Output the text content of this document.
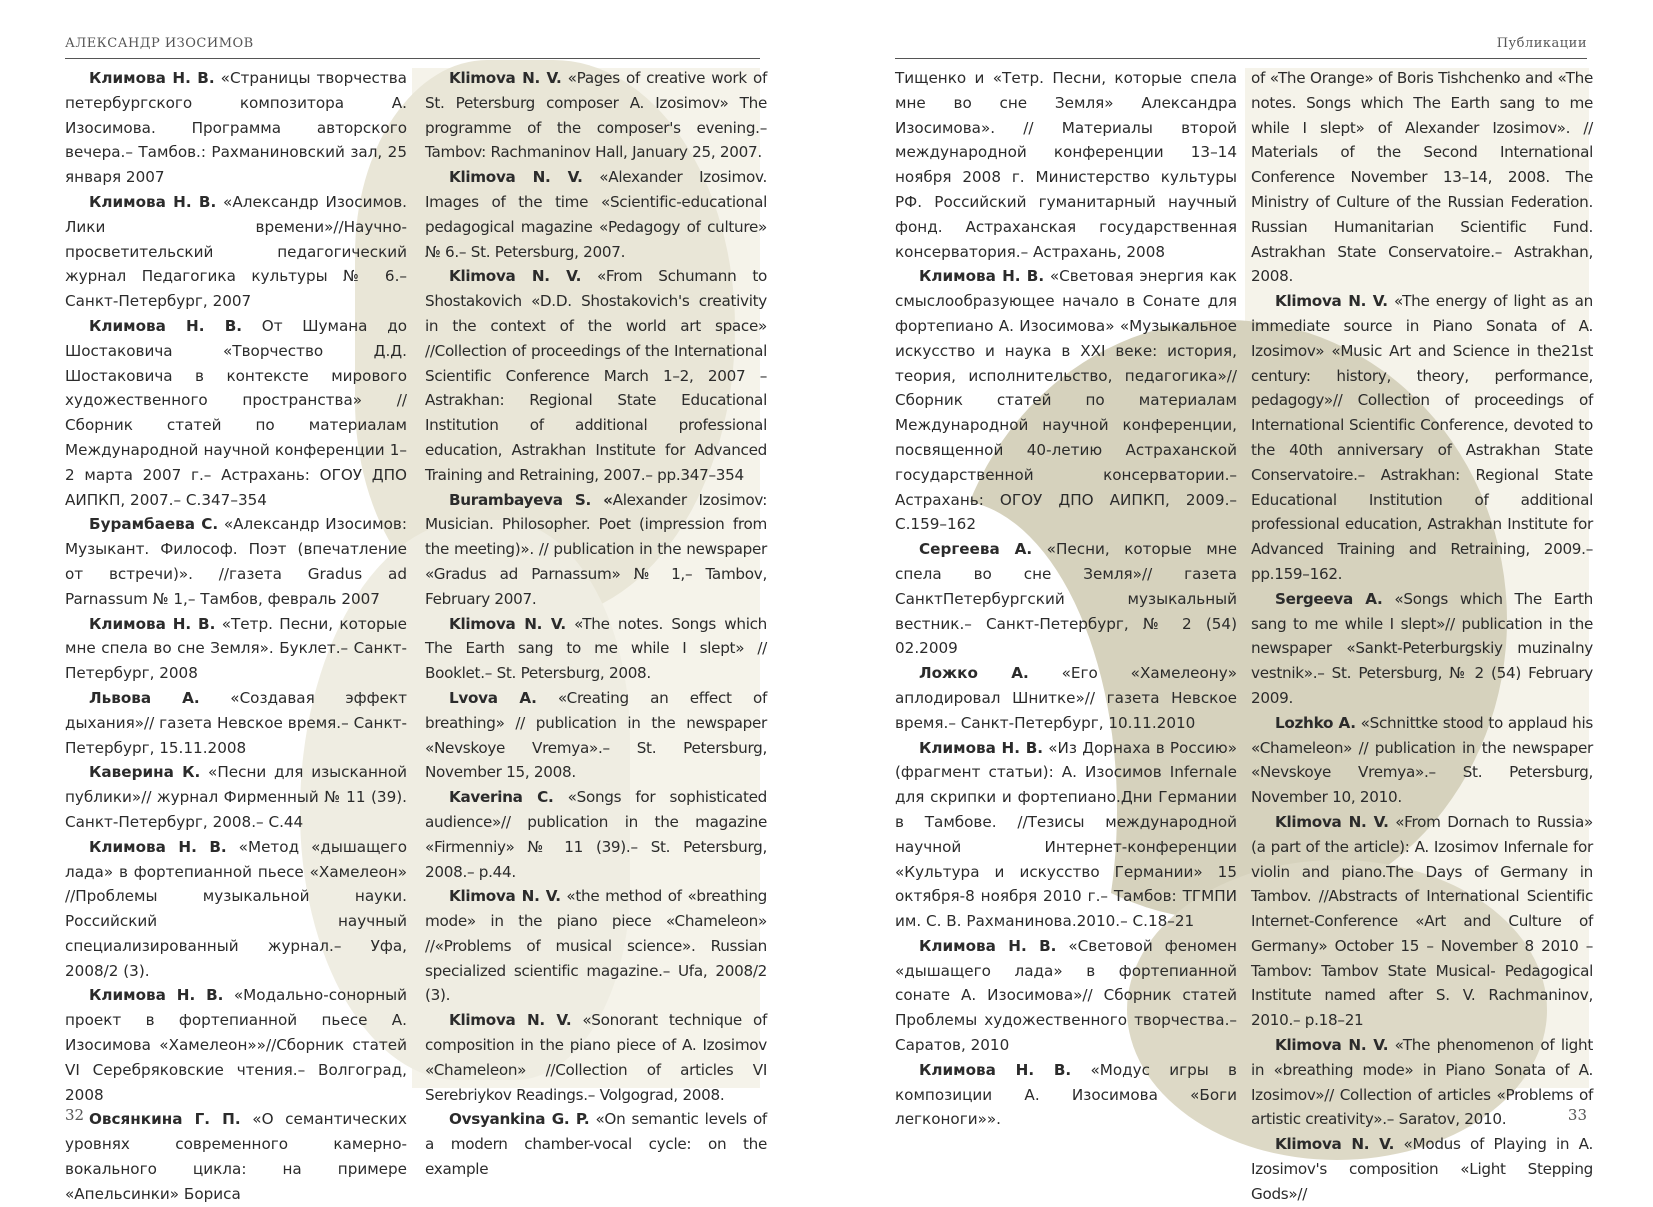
АЛЕКСАНДР ИЗОСИМОВ

Климова Н. В. «Страницы творчества петербургского композитора А. Изосимова. Программа авторского вечера.– Тамбов.: Рахманиновский зал, 25 января 2007

Климова Н. В. «Александр Изосимов. Лики времени»//Научно-просветительский педагогический журнал Педагогика культуры № 6.– Санкт-Петербург, 2007

Климова Н. В. От Шумана до Шостаковича «Творчество Д.Д. Шостаковича в контексте мирового художественного пространства» //Сборник статей по материалам Международной научной конференции 1–2 марта 2007 г.– Астрахань: ОГОУ ДПО АИПКП, 2007.– С.347–354

Бурамбаева С. «Александр Изосимов: Музыкант. Философ. Поэт (впечатление от встречи)». //газета Gradus ad Parnassum № 1,– Тамбов, февраль 2007

Климова Н. В. «Тетр. Песни, которые мне спела во сне Земля». Буклет.– Санкт-Петербург, 2008

Львова А. «Создавая эффект дыхания»// газета Невское время.– Санкт-Петербург, 15.11.2008

Каверина К. «Песни для изысканной публики»// журнал Фирменный № 11 (39). Санкт-Петербург, 2008.– С.44

Климова Н. В. «Метод «дышащего лада» в фортепианной пьесе «Хамелеон» //Проблемы музыкальной науки. Российский научный специализированный журнал.– Уфа, 2008/2 (3).

Климова Н. В. «Модально-сонорный проект в фортепианной пьесе А. Изосимова «Хамелеон»»//Сборник статей VI Серебряковские чтения.– Волгоград, 2008

Овсянкина Г. П. «О семантических уровнях современного камерно-вокального цикла: на примере «Апельсинки» Бориса

Klimova N. V. «Pages of creative work of St. Petersburg composer A. Izosimov» The programme of the composer's evening.– Tambov: Rachmaninov Hall, January 25, 2007.

Klimova N. V. «Alexander Izosimov. Images of the time «Scientific-educational pedagogical magazine «Pedagogy of culture» № 6.– St. Petersburg, 2007.

Klimova N. V. «From Schumann to Shostakovich «D.D. Shostakovich's creativity in the context of the world art space» //Collection of proceedings of the International Scientific Conference March 1–2, 2007 – Astrakhan: Regional State Educational Institution of additional professional education, Astrakhan Institute for Advanced Training and Retraining, 2007.– pp.347–354

Burambayeva S. «Alexander Izosimov: Musician. Philosopher. Poet (impression from the meeting)». // publication in the newspaper «Gradus ad Parnassum» № 1,– Tambov, February 2007.

Klimova N. V. «The notes. Songs which The Earth sang to me while I slept» // Booklet.– St. Petersburg, 2008.

Lvova A. «Creating an effect of breathing» // publication in the newspaper «Nevskoye Vremya».– St. Petersburg, November 15, 2008.

Kaverina C. «Songs for sophisticated audience»// publication in the magazine «Firmenniy» № 11 (39).– St. Petersburg, 2008.– p.44.

Klimova N. V. «the method of «breathing mode» in the piano piece «Chameleon» //«Problems of musical science». Russian specialized scientific magazine.– Ufa, 2008/2 (3).

Klimova N. V. «Sonorant technique of composition in the piano piece of A. Izosimov «Chameleon» //Collection of articles VI Serebriykov Readings.– Volgograd, 2008.

Ovsyankina G. P. «On semantic levels of a modern chamber-vocal cycle: on the example

32
Публикации

Тищенко и «Тетр. Песни, которые спела мне во сне Земля» Александра Изосимова». // Материалы второй международной конференции 13–14 ноября 2008 г. Министерство культуры РФ. Российский гуманитарный научный фонд. Астраханская государственная консерватория.– Астрахань, 2008

Климова Н. В. «Световая энергия как смыслообразующее начало в Сонате для фортепиано А. Изосимова» «Музыкальное искусство и наука в XXI веке: история, теория, исполнительство, педагогика»// Сборник статей по материалам Международной научной конференции, посвященной 40-летию Астраханской государственной консерватории.– Астрахань: ОГОУ ДПО АИПКП, 2009.– С.159–162

Сергеева А. «Песни, которые мне спела во сне Земля»// газета СанктПетербургский музыкальный вестник.– Санкт-Петербург, № 2 (54) 02.2009

Ложко А. «Его «Хамелеону» аплодировал Шнитке»// газета Невское время.– Санкт-Петербург, 10.11.2010

Климова Н. В. «Из Дорнаха в Россию» (фрагмент статьи): А. Изосимов Infernale для скрипки и фортепиано.Дни Германии в Тамбове. //Тезисы международной научной Интернет-конференции «Культура и искусство Германии» 15 октября-8 ноября 2010 г.– Тамбов: ТГМПИ им. С. В. Рахманинова.2010.– С.18–21

Климова Н. В. «Световой феномен «дышащего лада» в фортепианной сонате А. Изосимова»// Сборник статей Проблемы художественного творчества.– Саратов, 2010

Климова Н. В. «Модус игры в композиции А. Изосимова «Боги легконоги»».

of «The Orange» of Boris Tishchenko and «The notes. Songs which The Earth sang to me while I slept» of Alexander Izosimov». // Materials of the Second International Conference November 13–14, 2008. The Ministry of Culture of the Russian Federation. Russian Humanitarian Scientific Fund. Astrakhan State Conservatoire.– Astrakhan, 2008.

Klimova N. V. «The energy of light as an immediate source in Piano Sonata of A. Izosimov» «Music Art and Science in the21st century: history, theory, performance, pedagogy»// Collection of proceedings of International Scientific Conference, devoted to the 40th anniversary of Astrakhan State Conservatoire.– Astrakhan: Regional State Educational Institution of additional professional education, Astrakhan Institute for Advanced Training and Retraining, 2009.– pp.159–162.

Sergeeva A. «Songs which The Earth sang to me while I slept»// publication in the newspaper «Sankt-Peterburgskiy muzinalny vestnik».– St. Petersburg, № 2 (54) February 2009.

Lozhko A. «Schnittke stood to applaud his «Chameleon» // publication in the newspaper «Nevskoye Vremya».– St. Petersburg, November 10, 2010.

Klimova N. V. «From Dornach to Russia» (a part of the article): A. Izosimov Infernale for violin and piano.The Days of Germany in Tambov. //Abstracts of International Scientific Internet-Conference «Art and Culture of Germany» October 15 – November 8 2010 – Tambov: Tambov State Musical- Pedagogical Institute named after S. V. Rachmaninov, 2010.– p.18–21

Klimova N. V. «The phenomenon of light in «breathing mode» in Piano Sonata of A. Izosimov»// Collection of articles «Problems of artistic creativity».– Saratov, 2010.

Klimova N. V. «Modus of Playing in A. Izosimov's composition «Light Stepping Gods»//

33
